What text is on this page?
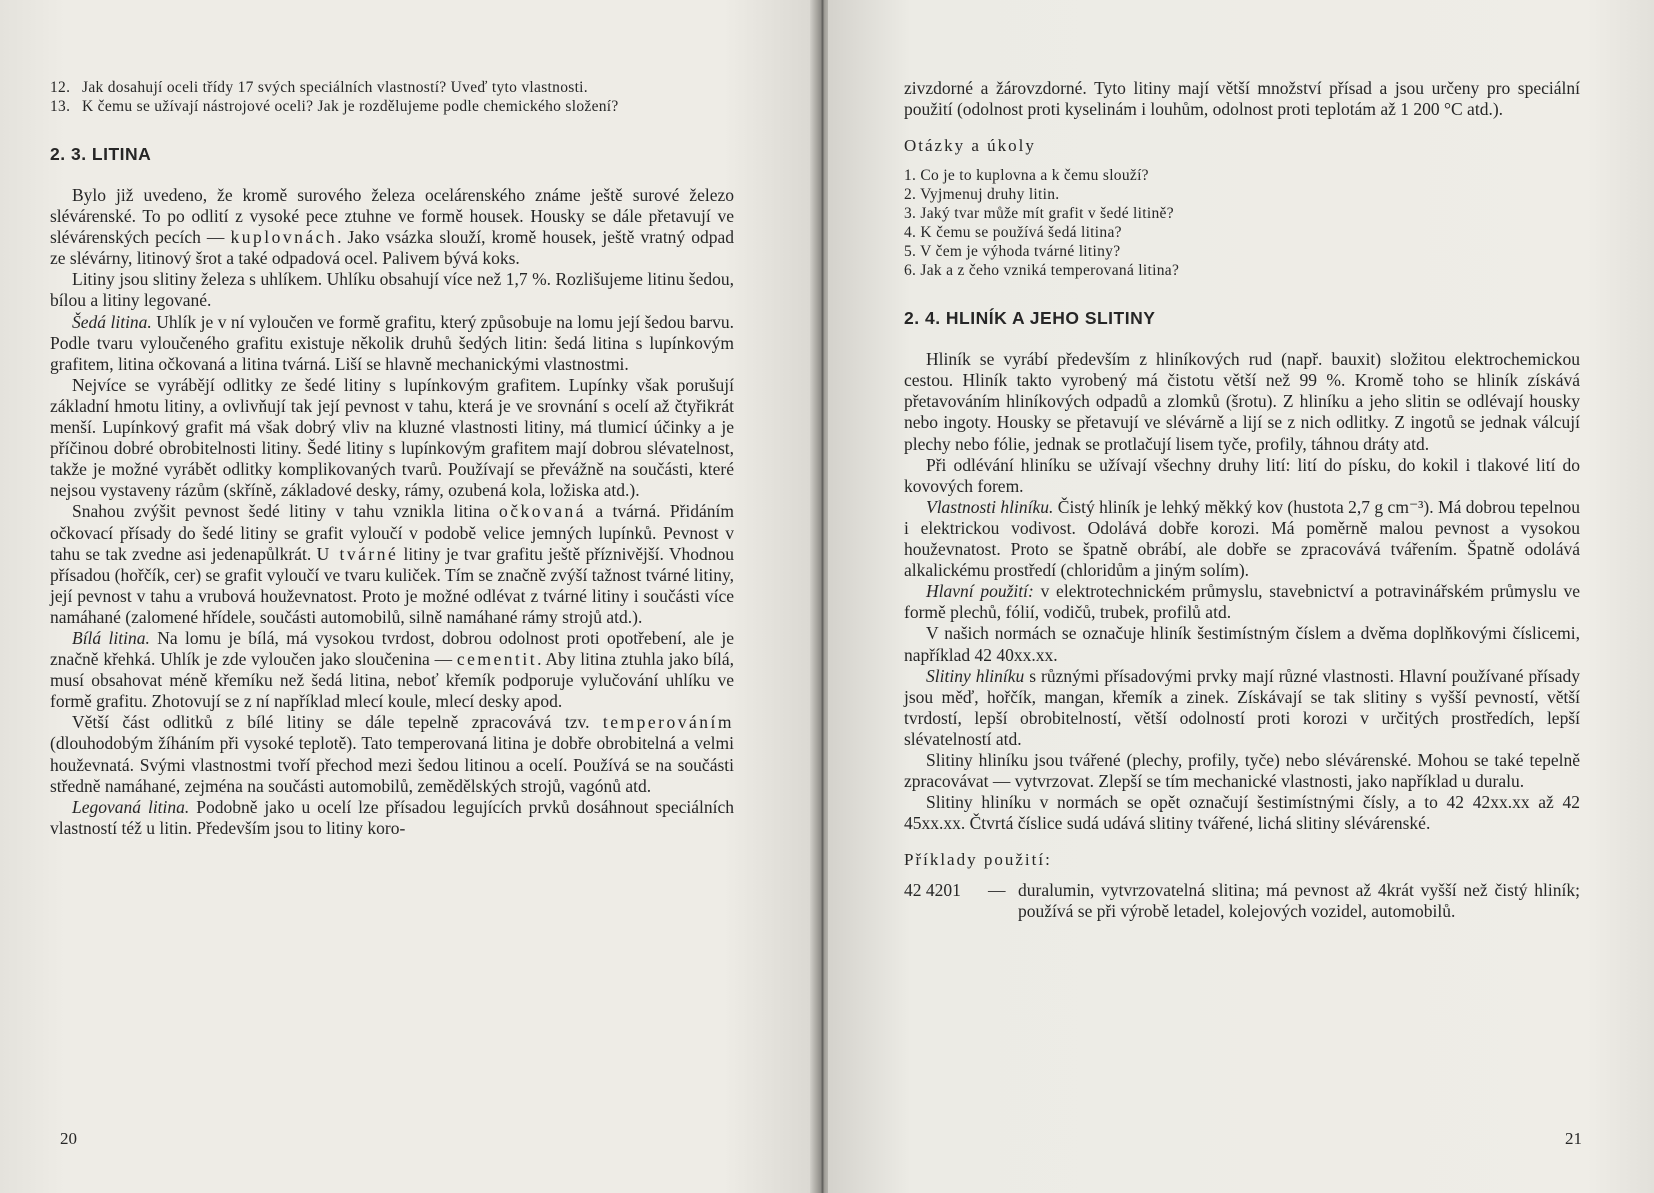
12. Jak dosahují oceli třídy 17 svých speciálních vlastností? Uveď tyto vlastnosti.
13. K čemu se užívají nástrojové oceli? Jak je rozdělujeme podle chemického složení?
2. 3. LITINA

Bylo již uvedeno, že kromě surového železa ocelárenského známe ještě surové železo slévárenské. To po odlití z vysoké pece ztuhne ve formě housek. Housky se dále přetavují ve slévárenských pecích — kuplovnách. Jako vsázka slouží, kromě housek, ještě vratný odpad ze slévárny, litinový šrot a také odpadová ocel. Palivem bývá koks.

Litiny jsou slitiny železa s uhlíkem. Uhlíku obsahují více než 1,7 %. Rozlišujeme litinu šedou, bílou a litiny legované.

Šedá litina. Uhlík je v ní vyloučen ve formě grafitu, který způsobuje na lomu její šedou barvu. Podle tvaru vyloučeného grafitu existuje několik druhů šedých litin: šedá litina s lupínkovým grafitem, litina očkovaná a litina tvárná. Liší se hlavně mechanickými vlastnostmi.

Nejvíce se vyrábějí odlitky ze šedé litiny s lupínkovým grafitem. Lupínky však porušují základní hmotu litiny, a ovlivňují tak její pevnost v tahu, která je ve srovnání s ocelí až čtyřikrát menší. Lupínkový grafit má však dobrý vliv na kluzné vlastnosti litiny, má tlumicí účinky a je příčinou dobré obrobitelnosti litiny. Šedé litiny s lupínkovým grafitem mají dobrou slévatelnost, takže je možné vyrábět odlitky komplikovaných tvarů. Používají se převážně na součásti, které nejsou vystaveny rázům (skříně, základové desky, rámy, ozubená kola, ložiska atd.).

Snahou zvýšit pevnost šedé litiny v tahu vznikla litina očkovaná a tvárná. Přidáním očkovací přísady do šedé litiny se grafit vyloučí v podobě velice jemných lupínků. Pevnost v tahu se tak zvedne asi jedenapůlkrát. U tvárné litiny je tvar grafitu ještě příznivější. Vhodnou přísadou (hořčík, cer) se grafit vyloučí ve tvaru kuliček. Tím se značně zvýší tažnost tvárné litiny, její pevnost v tahu a vrubová houževnatost. Proto je možné odlévat z tvárné litiny i součásti více namáhané (zalomené hřídele, součásti automobilů, silně namáhané rámy strojů atd.).

Bílá litina. Na lomu je bílá, má vysokou tvrdost, dobrou odolnost proti opotřebení, ale je značně křehká. Uhlík je zde vyloučen jako sloučenina — cementit. Aby litina ztuhla jako bílá, musí obsahovat méně křemíku než šedá litina, neboť křemík podporuje vylučování uhlíku ve formě grafitu. Zhotovují se z ní například mlecí koule, mlecí desky apod.

Větší část odlitků z bílé litiny se dále tepelně zpracovává tzv. temperováním (dlouhodobým žíháním při vysoké teplotě). Tato temperovaná litina je dobře obrobitelná a velmi houževnatá. Svými vlastnostmi tvoří přechod mezi šedou litinou a ocelí. Používá se na součásti středně namáhané, zejména na součásti automobilů, zemědělských strojů, vagónů atd.

Legovaná litina. Podobně jako u ocelí lze přísadou legujících prvků dosáhnout speciálních vlastností též u litin. Především jsou to litiny koro-

20

zivzdorné a žárovzdorné. Tyto litiny mají větší množství přísad a jsou určeny pro speciální použití (odolnost proti kyselinám i louhům, odolnost proti teplotám až 1 200 °C atd.).

Otázky a úkoly
1. Co je to kuplovna a k čemu slouží?
2. Vyjmenuj druhy litin.
3. Jaký tvar může mít grafit v šedé litině?
4. K čemu se používá šedá litina?
5. V čem je výhoda tvárné litiny?
6. Jak a z čeho vzniká temperovaná litina?
2. 4. HLINÍK A JEHO SLITINY

Hliník se vyrábí především z hliníkových rud (např. bauxit) složitou elektrochemickou cestou. Hliník takto vyrobený má čistotu větší než 99 %. Kromě toho se hliník získává přetavováním hliníkových odpadů a zlomků (šrotu). Z hliníku a jeho slitin se odlévají housky nebo ingoty. Housky se přetavují ve slévárně a lijí se z nich odlitky. Z ingotů se jednak válcují plechy nebo fólie, jednak se protlačují lisem tyče, profily, táhnou dráty atd.

Při odlévání hliníku se užívají všechny druhy lití: lití do písku, do kokil i tlakové lití do kovových forem.

Vlastnosti hliníku. Čistý hliník je lehký měkký kov (hustota 2,7 g cm⁻³). Má dobrou tepelnou i elektrickou vodivost. Odolává dobře korozi. Má poměrně malou pevnost a vysokou houževnatost. Proto se špatně obrábí, ale dobře se zpracovává tvářením. Špatně odolává alkalickému prostředí (chloridům a jiným solím).

Hlavní použití: v elektrotechnickém průmyslu, stavebnictví a potravinářském průmyslu ve formě plechů, fólií, vodičů, trubek, profilů atd.

V našich normách se označuje hliník šestimístným číslem a dvěma doplňkovými číslicemi, například 42 40xx.xx.

Slitiny hliníku s různými přísadovými prvky mají různé vlastnosti. Hlavní používané přísady jsou měď, hořčík, mangan, křemík a zinek. Získávají se tak slitiny s vyšší pevností, větší tvrdostí, lepší obrobitelností, větší odolností proti korozi v určitých prostředích, lepší slévatelností atd.

Slitiny hliníku jsou tvářené (plechy, profily, tyče) nebo slévárenské. Mohou se také tepelně zpracovávat — vytvrzovat. Zlepší se tím mechanické vlastnosti, jako například u duralu.

Slitiny hliníku v normách se opět označují šestimístnými čísly, a to 42 42xx.xx až 42 45xx.xx. Čtvrtá číslice sudá udává slitiny tvářené, lichá slitiny slévárenské.

Příklady použití:
42 4201	— duralumin, vytvrzovatelná slitina; má pevnost až 4krát vyšší než čistý hliník; používá se při výrobě letadel, kolejových vozidel, automobilů.
21
